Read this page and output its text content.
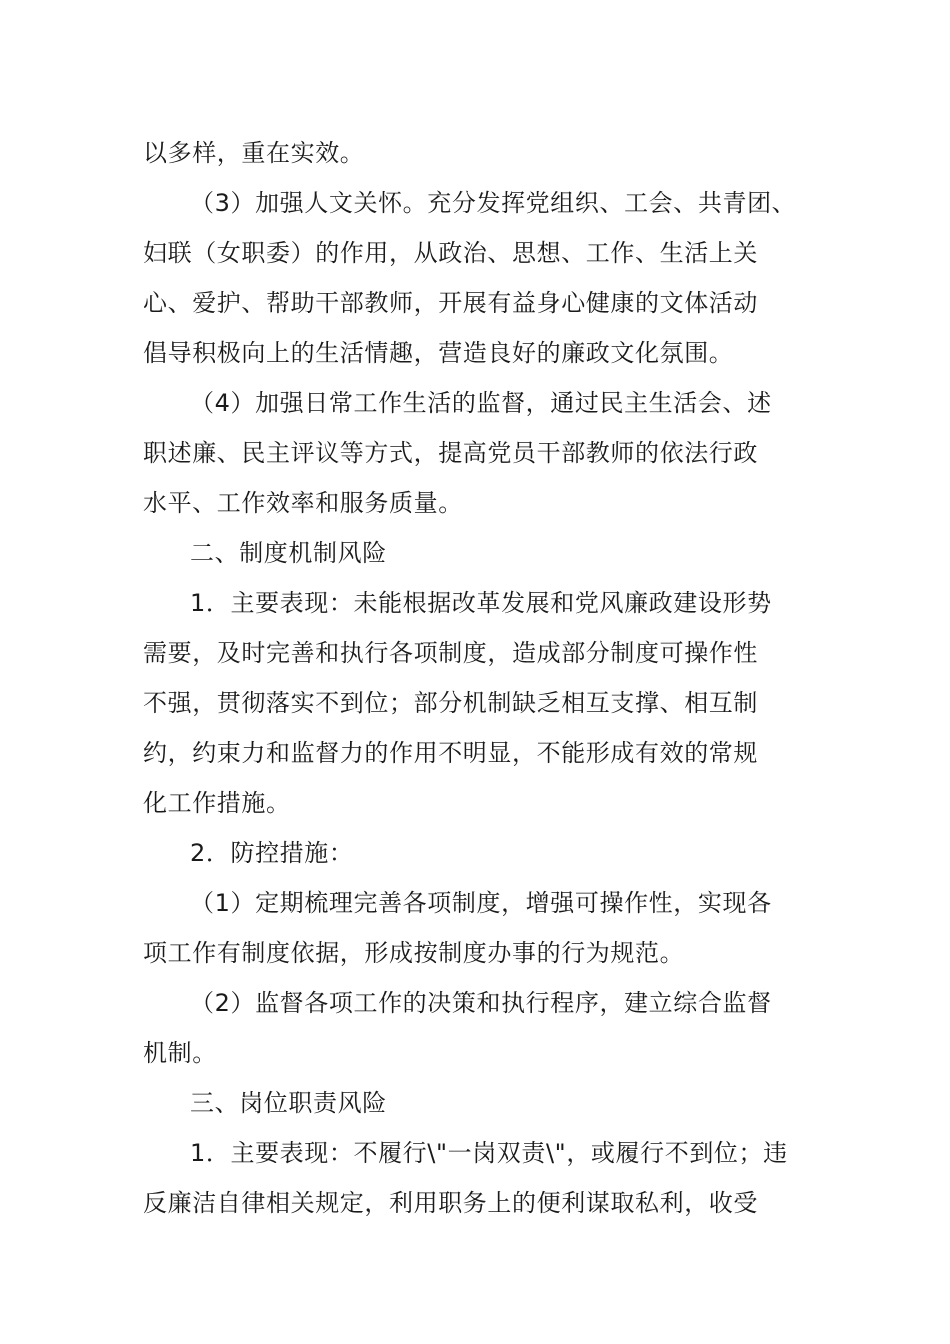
以多样，重在实效。
（3）加强人文关怀。充分发挥党组织、工会、共青团、
妇联（女职委）的作用，从政治、思想、工作、生活上关
心、爱护、帮助干部教师，开展有益身心健康的文体活动
倡导积极向上的生活情趣，营造良好的廉政文化氛围。
（4）加强日常工作生活的监督，通过民主生活会、述
职述廉、民主评议等方式，提高党员干部教师的依法行政
水平、工作效率和服务质量。
二、制度机制风险
1．主要表现：未能根据改革发展和党风廉政建设形势
需要，及时完善和执行各项制度，造成部分制度可操作性
不强，贯彻落实不到位；部分机制缺乏相互支撑、相互制
约，约束力和监督力的作用不明显，不能形成有效的常规
化工作措施。
2．防控措施：
（1）定期梳理完善各项制度，增强可操作性，实现各
项工作有制度依据，形成按制度办事的行为规范。
（2）监督各项工作的决策和执行程序，建立综合监督
机制。
三、岗位职责风险
1．主要表现：不履行\"一岗双责\"，或履行不到位；违
反廉洁自律相关规定，利用职务上的便利谋取私利，收受
